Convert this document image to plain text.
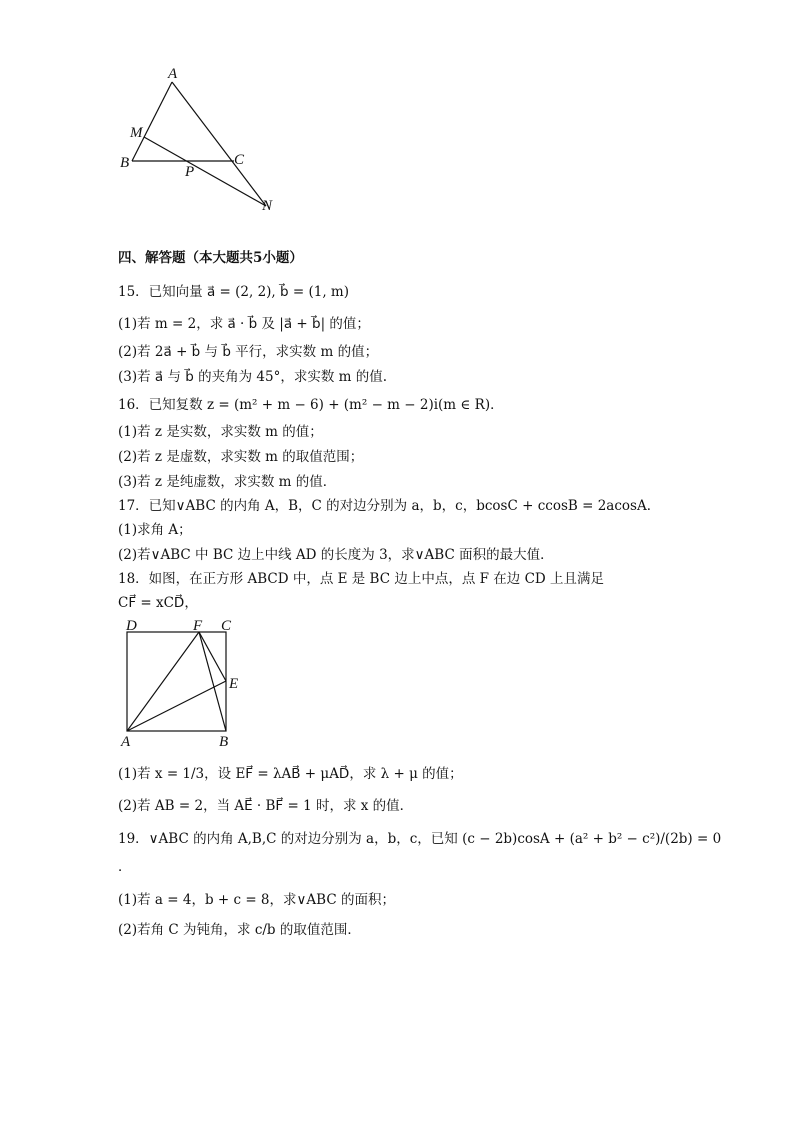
A
M
B
P
C
N
四、解答题（本大题共5小题）
15．已知向量 a⃗ = (2, 2), b⃗ = (1, m)
(1)若 m = 2，求 a⃗ · b⃗ 及 |a⃗ + b⃗| 的值；
(2)若 2a⃗ + b⃗ 与 b⃗ 平行，求实数 m 的值；
(3)若 a⃗ 与 b⃗ 的夹角为 45°，求实数 m 的值.
16．已知复数 z = (m² + m − 6) + (m² − m − 2)i(m ∈ R)．
(1)若 z 是实数，求实数 m 的值；
(2)若 z 是虚数，求实数 m 的取值范围；
(3)若 z 是纯虚数，求实数 m 的值．
17．已知∨ABC 的内角 A，B，C 的对边分别为 a，b，c，bcosC + ccosB = 2acosA．
(1)求角 A；
(2)若∨ABC 中 BC 边上中线 AD 的长度为 3，求∨ABC 面积的最大值．
18．如图，在正方形 ABCD 中，点 E 是 BC 边上中点，点 F 在边 CD 上且满足
CF⃗ = xCD⃗，
D	F C
E
A	B
(1)若 x = 1/3，设 EF⃗ = λAB⃗ + μAD⃗，求 λ + μ 的值；
(2)若 AB = 2，当 AE⃗ · BF⃗ = 1 时，求 x 的值．
19．∨ABC 的内角 A,B,C 的对边分别为 a，b，c，已知 (c − 2b)cosA + (a² + b² − c²)/(2b) = 0
．
(1)若 a = 4，b + c = 8，求∨ABC 的面积；
(2)若角 C 为钝角，求 c/b 的取值范围．
